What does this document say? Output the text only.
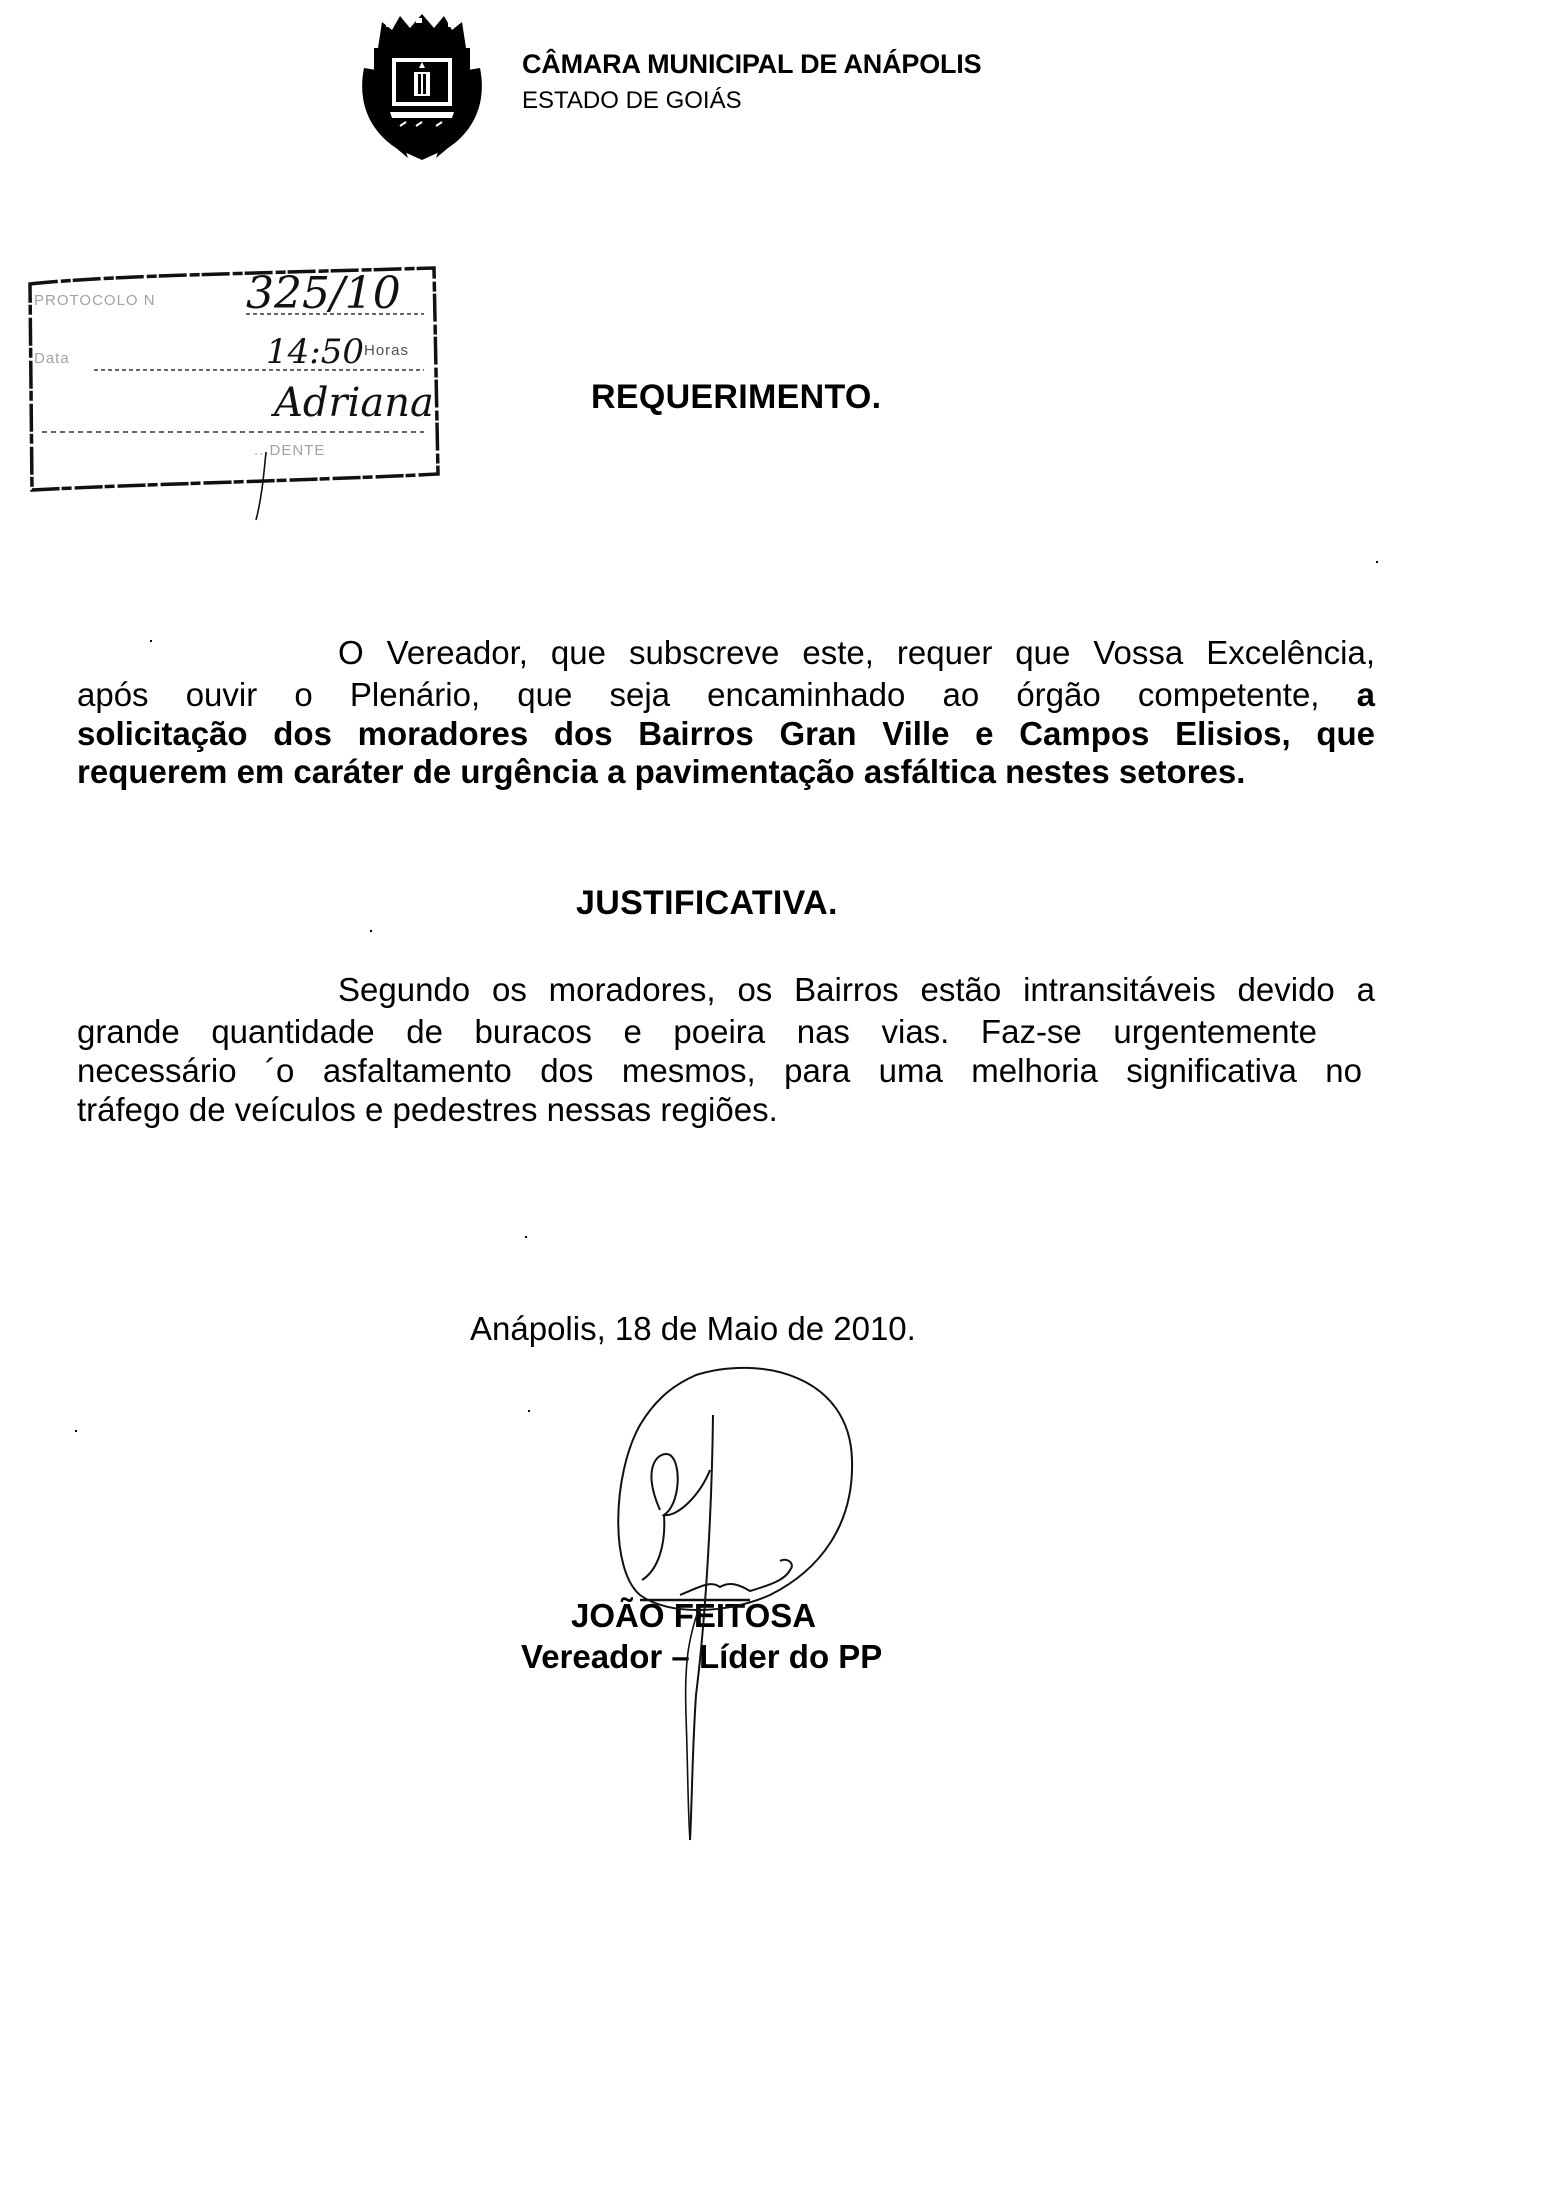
CÂMARA MUNICIPAL DE ANÁPOLIS
ESTADO DE GOIÁS
PROTOCOLO N
Data
...DENTE
325/10
14:50 Horas
Adriana	REQUERIMENTO.
O Vereador, que subscreve este, requer que Vossa Excelência,
após ouvir o Plenário, que seja encaminhado ao órgão competente, a
solicitação dos moradores dos Bairros Gran Ville e Campos Elisios, que
requerem em caráter de urgência a pavimentação asfáltica nestes setores.
JUSTIFICATIVA.
Segundo os moradores, os Bairros estão intransitáveis devido a
grande quantidade de buracos e poeira nas vias. Faz-se urgentemente
necessário ´o asfaltamento dos mesmos, para uma melhoria significativa no
tráfego de veículos e pedestres nessas regiões.
Anápolis, 18 de Maio de 2010.
JOÃO FEITOSA
Vereador – Líder do PP
